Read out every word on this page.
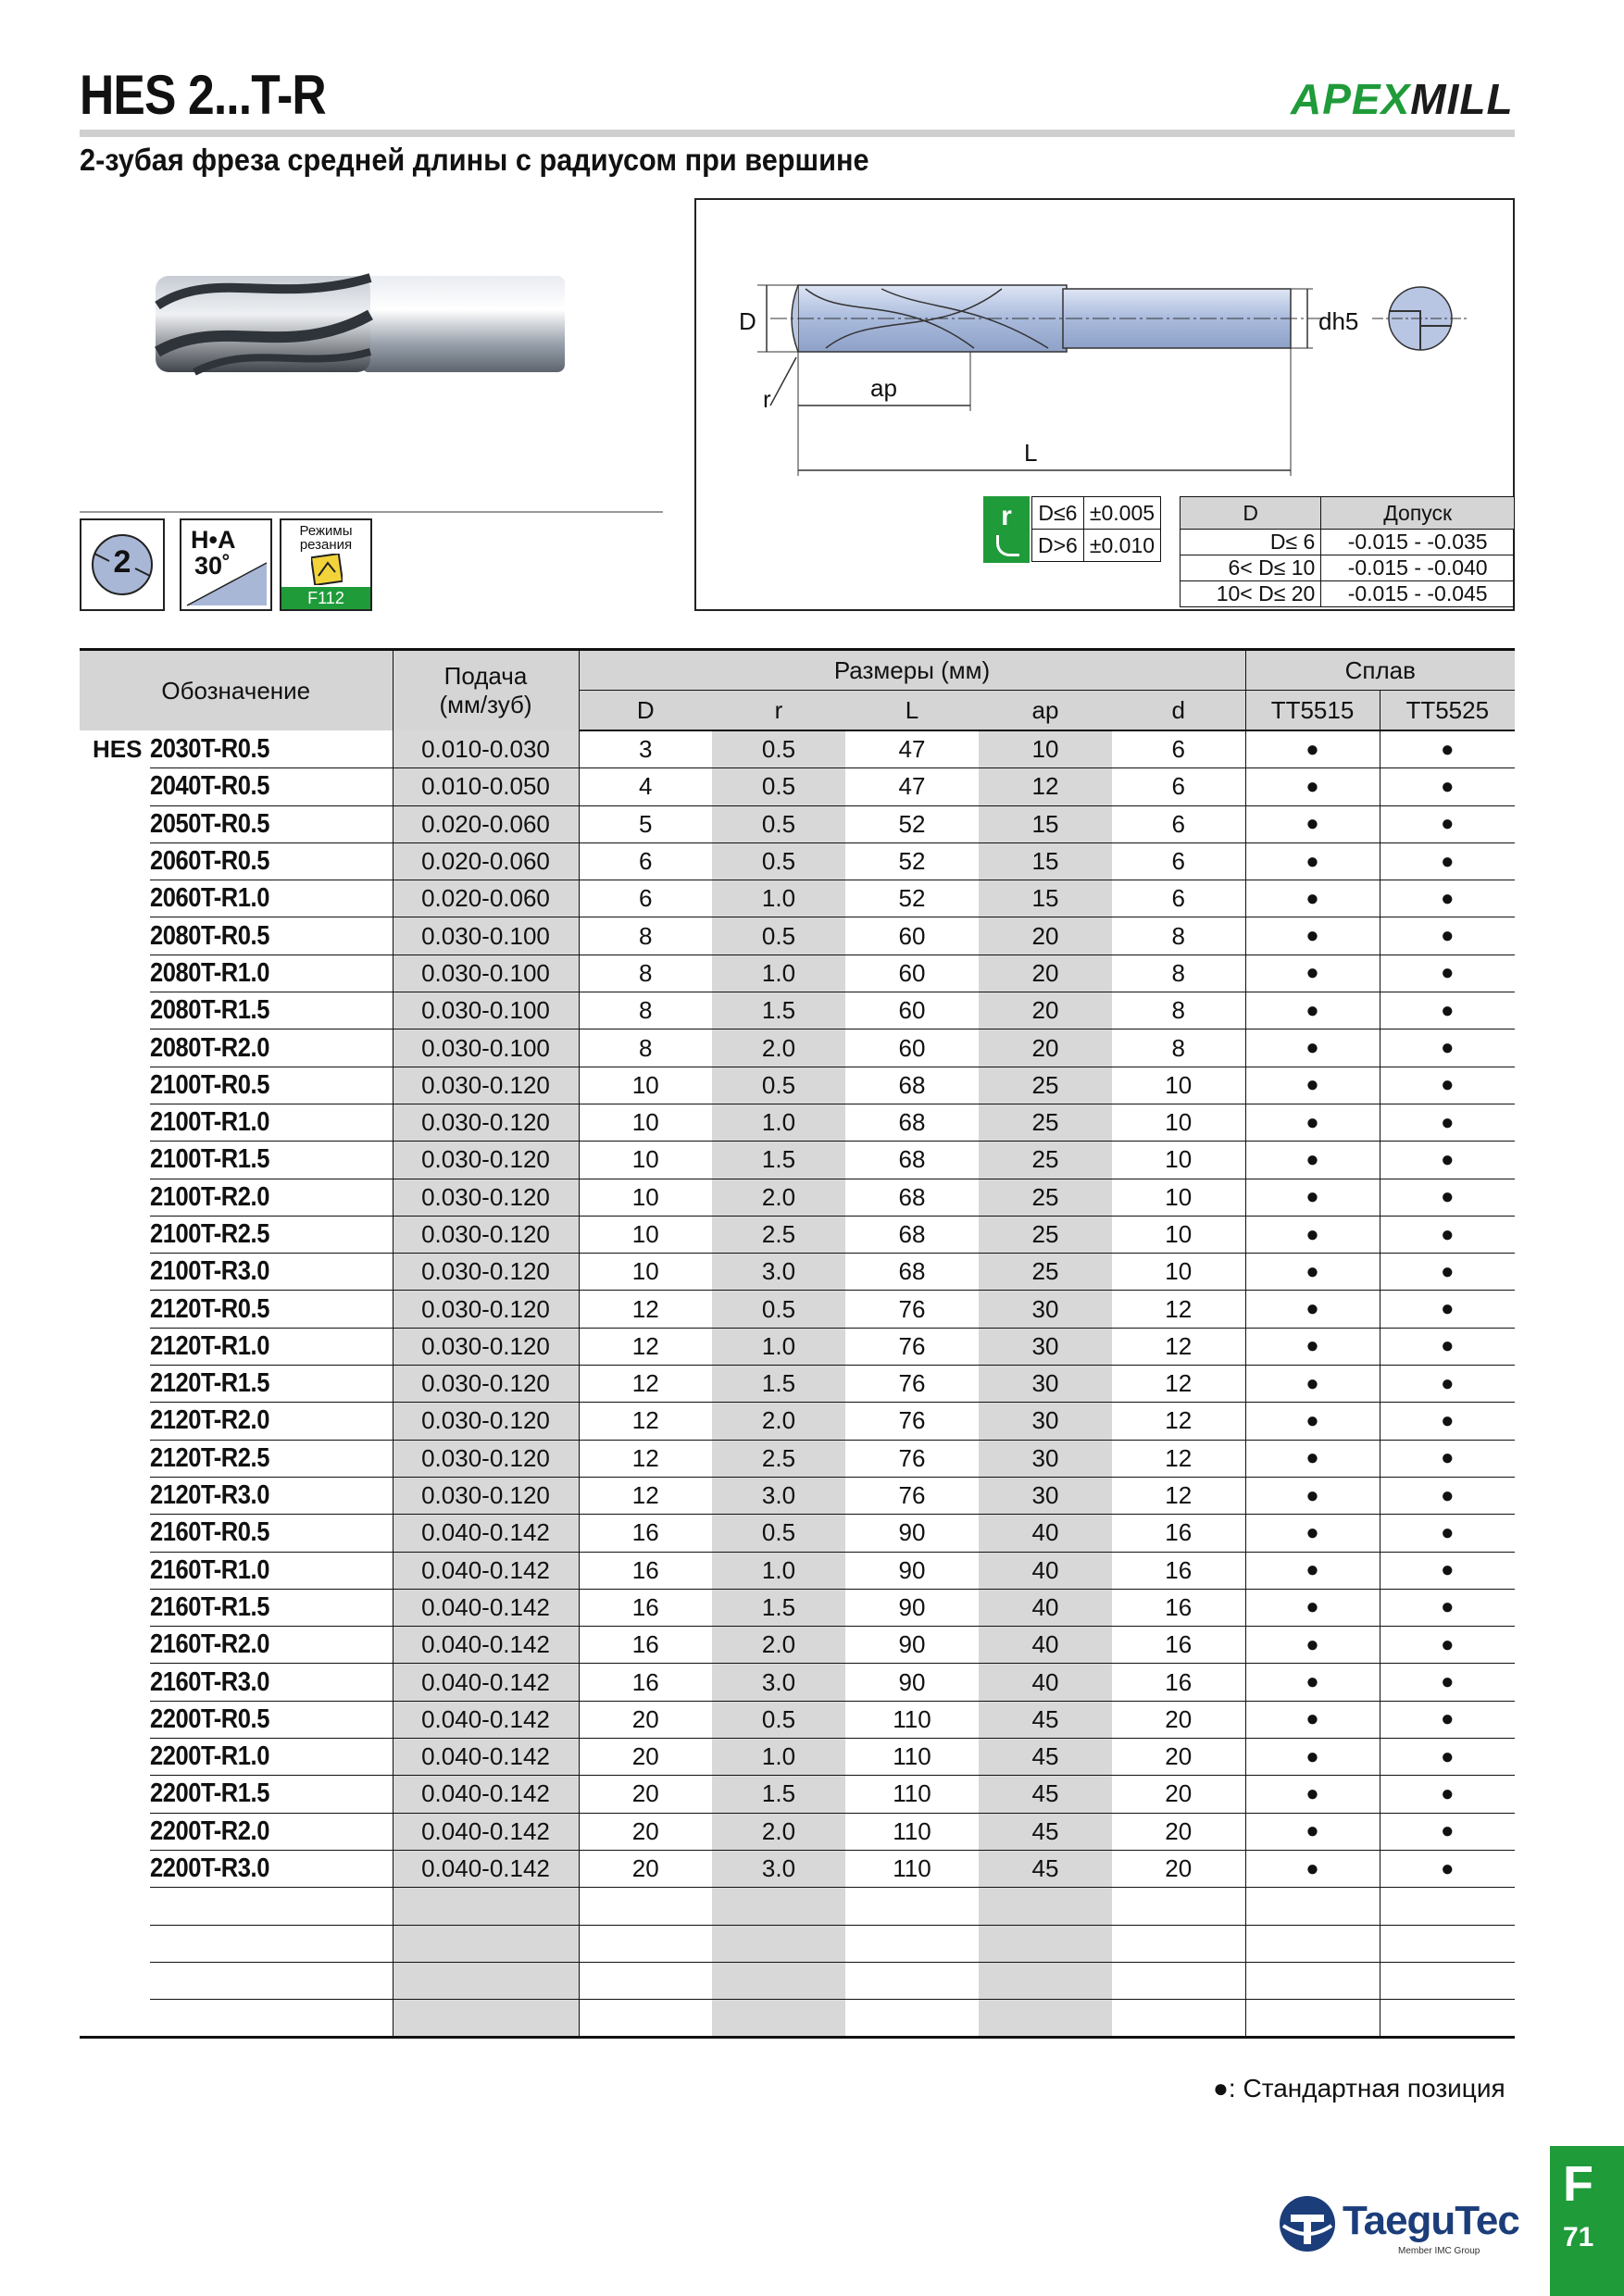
HES 2...T-R	APEXMILL
2-зубая фреза средней длины с радиусом при вершине
2
H•A
30˚
Режимы
резания
F112
D	dh5
r	ap
L
r	D≤6	±0.005
D>6	±0.010
D	Допуск
D≤ 6	-0.015 - -0.035
6< D≤ 10	-0.015 - -0.040
10< D≤ 20	-0.015 - -0.045
Обозначение		Подача
(мм/зуб)	Размеры (мм)					Сплав	
			D	r	L	ap	d	TT5515	TT5525
HES	2030T-R0.5	0.010-0.030	3	0.5	47	10	6	●	●

	2040T-R0.5	0.010-0.050	4	0.5	47	12	6	●	●

	2050T-R0.5	0.020-0.060	5	0.5	52	15	6	●	●

	2060T-R0.5	0.020-0.060	6	0.5	52	15	6	●	●

	2060T-R1.0	0.020-0.060	6	1.0	52	15	6	●	●

	2080T-R0.5	0.030-0.100	8	0.5	60	20	8	●	●

	2080T-R1.0	0.030-0.100	8	1.0	60	20	8	●	●

	2080T-R1.5	0.030-0.100	8	1.5	60	20	8	●	●

	2080T-R2.0	0.030-0.100	8	2.0	60	20	8	●	●

	2100T-R0.5	0.030-0.120	10	0.5	68	25	10	●	●

	2100T-R1.0	0.030-0.120	10	1.0	68	25	10	●	●

	2100T-R1.5	0.030-0.120	10	1.5	68	25	10	●	●

	2100T-R2.0	0.030-0.120	10	2.0	68	25	10	●	●

	2100T-R2.5	0.030-0.120	10	2.5	68	25	10	●	●

	2100T-R3.0	0.030-0.120	10	3.0	68	25	10	●	●

	2120T-R0.5	0.030-0.120	12	0.5	76	30	12	●	●

	2120T-R1.0	0.030-0.120	12	1.0	76	30	12	●	●

	2120T-R1.5	0.030-0.120	12	1.5	76	30	12	●	●

	2120T-R2.0	0.030-0.120	12	2.0	76	30	12	●	●

	2120T-R2.5	0.030-0.120	12	2.5	76	30	12	●	●

	2120T-R3.0	0.030-0.120	12	3.0	76	30	12	●	●

	2160T-R0.5	0.040-0.142	16	0.5	90	40	16	●	●

	2160T-R1.0	0.040-0.142	16	1.0	90	40	16	●	●

	2160T-R1.5	0.040-0.142	16	1.5	90	40	16	●	●

	2160T-R2.0	0.040-0.142	16	2.0	90	40	16	●	●

	2160T-R3.0	0.040-0.142	16	3.0	90	40	16	●	●

	2200T-R0.5	0.040-0.142	20	0.5	110	45	20	●	●

	2200T-R1.0	0.040-0.142	20	1.0	110	45	20	●	●

	2200T-R1.5	0.040-0.142	20	1.5	110	45	20	●	●

	2200T-R2.0	0.040-0.142	20	2.0	110	45	20	●	●

	2200T-R3.0	0.040-0.142	20	3.0	110	45	20	●	●

●: Стандартная позиция
TaeguTec
Member IMC Group
F
71
